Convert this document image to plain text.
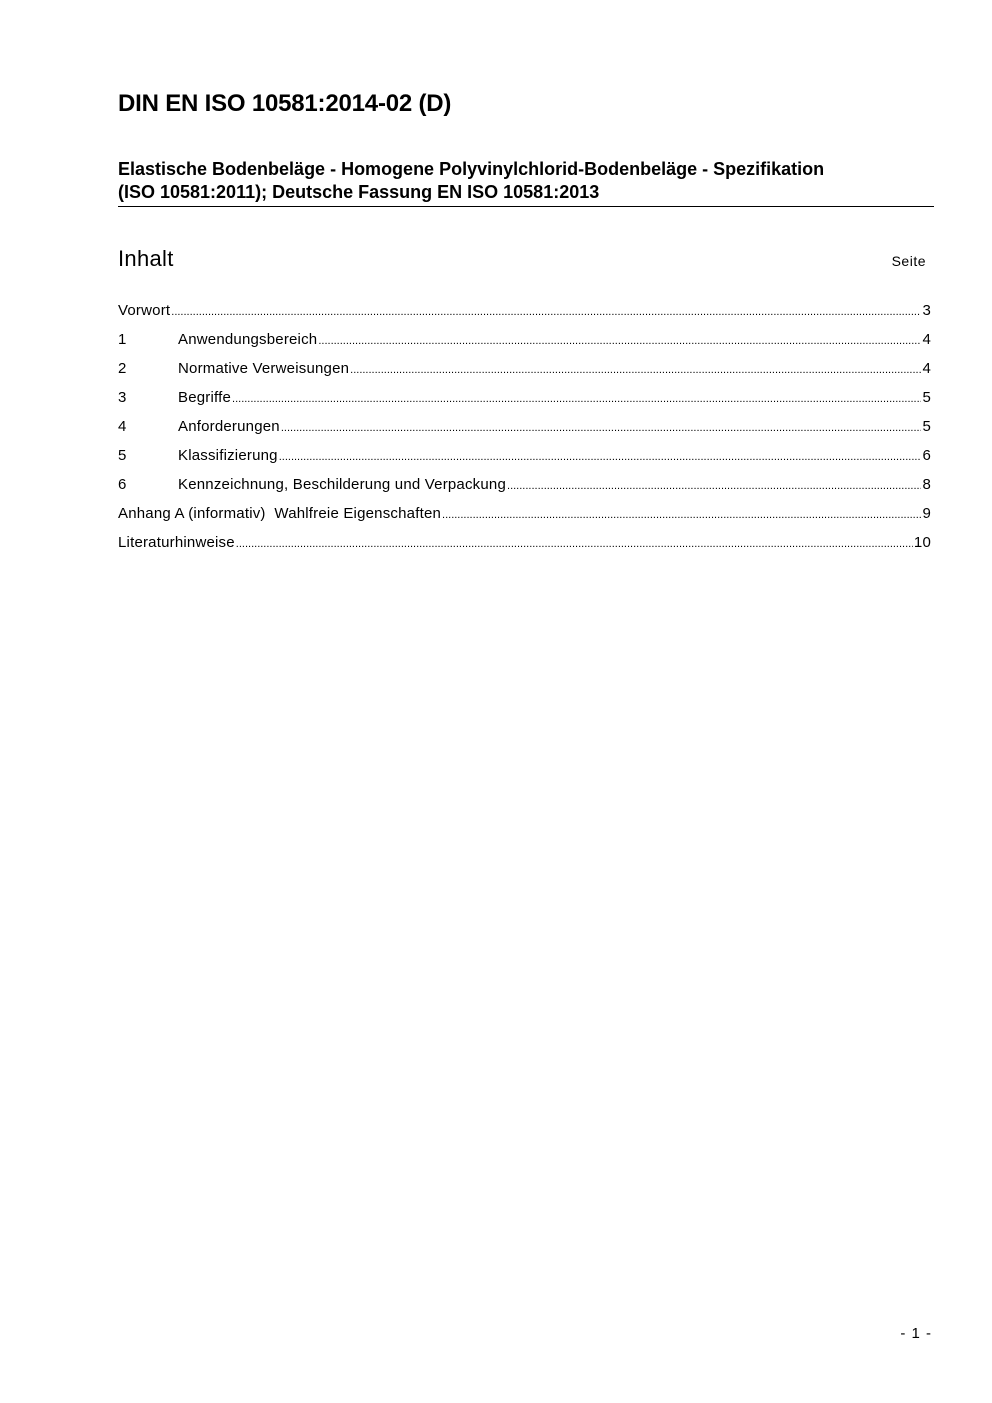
DIN EN ISO 10581:2014-02 (D)
Elastische Bodenbeläge - Homogene Polyvinylchlorid-Bodenbeläge - Spezifikation
(ISO 10581:2011); Deutsche Fassung EN ISO 10581:2013
Inhalt	Seite
Vorwort .....	3
1	Anwendungsbereich .....	4
2	Normative Verweisungen .....	4
3	Begriffe .....	5
4	Anforderungen .....	5
5	Klassifizierung .....	6
6	Kennzeichnung, Beschilderung und Verpackung .....	8
Anhang A (informativ) Wahlfreie Eigenschaften .....	9
Literaturhinweise .....	10
- 1 -
